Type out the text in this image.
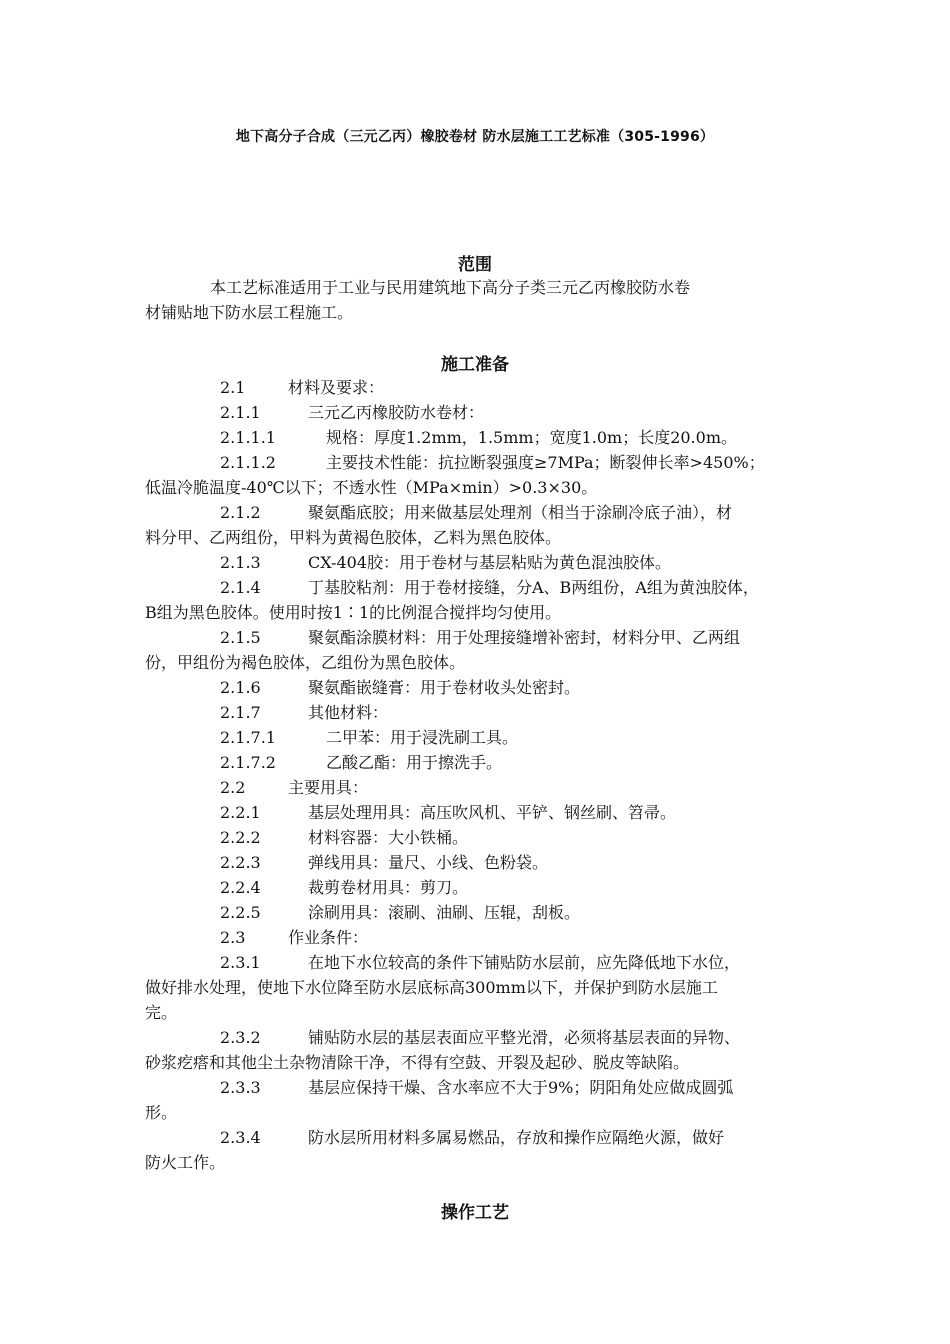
地下高分子合成（三元乙丙）橡胶卷材 防水层施工工艺标准（305-1996）
范围
本工艺标准适用于工业与民用建筑地下高分子类三元乙丙橡胶防水卷
材铺贴地下防水层工程施工。
施工准备
2.1	材料及要求：
2.1.1	三元乙丙橡胶防水卷材：
2.1.1.1	规格：厚度1.2mm，1.5mm；宽度1.0m；长度20.0m。
2.1.1.2	主要技术性能：抗拉断裂强度≥7MPa；断裂伸长率>450%；
低温冷脆温度-40℃以下；不透水性（MPa×min）>0.3×30。
2.1.2	聚氨酯底胶；用来做基层处理剂（相当于涂刷冷底子油），材
料分甲、乙两组份，甲料为黄褐色胶体，乙料为黑色胶体。
2.1.3	CX-404胶：用于卷材与基层粘贴为黄色混浊胶体。
2.1.4	丁基胶粘剂：用于卷材接缝，分A、B两组份，A组为黄浊胶体，
B组为黑色胶体。使用时按1∶1的比例混合搅拌均匀使用。
2.1.5	聚氨酯涂膜材料：用于处理接缝增补密封，材料分甲、乙两组
份，甲组份为褐色胶体，乙组份为黑色胶体。
2.1.6	聚氨酯嵌缝膏：用于卷材收头处密封。
2.1.7	其他材料：
2.1.7.1	二甲苯：用于浸洗刷工具。
2.1.7.2	乙酸乙酯：用于擦洗手。
2.2	主要用具：
2.2.1	基层处理用具：高压吹风机、平铲、钢丝刷、笤帚。
2.2.2	材料容器：大小铁桶。
2.2.3	弹线用具：量尺、小线、色粉袋。
2.2.4	裁剪卷材用具：剪刀。
2.2.5	涂刷用具：滚刷、油刷、压辊，刮板。
2.3	作业条件：
2.3.1	在地下水位较高的条件下铺贴防水层前，应先降低地下水位，
做好排水处理，使地下水位降至防水层底标高300mm以下，并保护到防水层施工
完。
2.3.2	铺贴防水层的基层表面应平整光滑，必须将基层表面的异物、
砂浆疙瘩和其他尘土杂物清除干净，不得有空鼓、开裂及起砂、脱皮等缺陷。
2.3.3	基层应保持干燥、含水率应不大于9%；阴阳角处应做成圆弧
形。
2.3.4	防水层所用材料多属易燃品，存放和操作应隔绝火源，做好
防火工作。
操作工艺
